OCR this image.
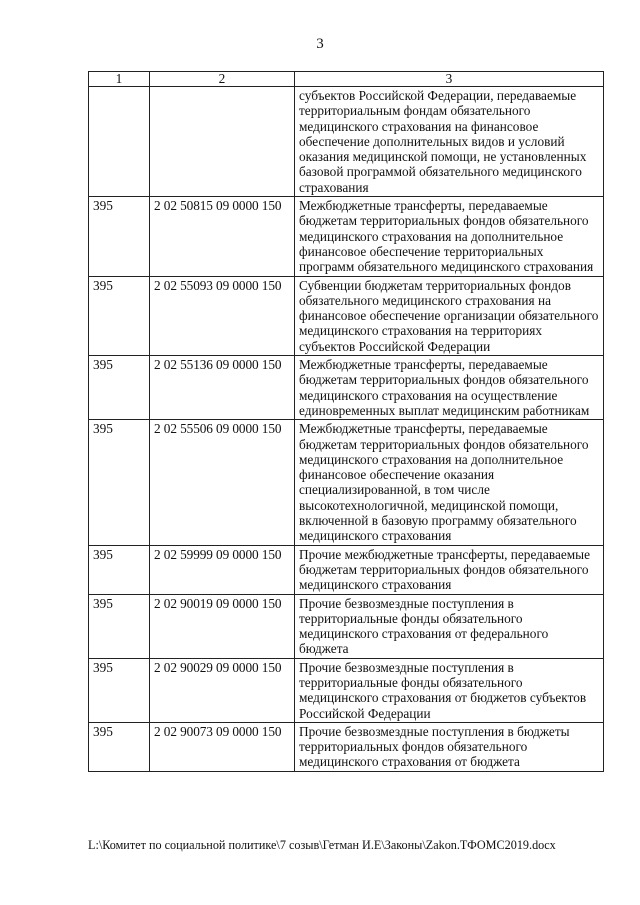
3
1	2	3
		субъектов Российской Федерации, передаваемые территориальным фондам обязательного медицинского страхования на финансовое обеспечение дополнительных видов и условий оказания медицинской помощи, не установленных базовой программой обязательного медицинского страхования
395	2 02 50815 09 0000 150	Межбюджетные трансферты, передаваемые бюджетам территориальных фондов обязательного медицинского страхования на дополнительное финансовое обеспечение территориальных программ обязательного медицинского страхования
395	2 02 55093 09 0000 150	Субвенции бюджетам территориальных фондов обязательного медицинского страхования на финансовое обеспечение организации обязательного медицинского страхования на территориях субъектов Российской Федерации
395	2 02 55136 09 0000 150	Межбюджетные трансферты, передаваемые бюджетам территориальных фондов обязательного медицинского страхования на осуществление единовременных выплат медицинским работникам
395	2 02 55506 09 0000 150	Межбюджетные трансферты, передаваемые бюджетам территориальных фондов обязательного медицинского страхования на дополнительное финансовое обеспечение оказания специализированной, в том числе высокотехнологичной, медицинской помощи, включенной в базовую программу обязательного медицинского страхования
395	2 02 59999 09 0000 150	Прочие межбюджетные трансферты, передаваемые бюджетам территориальных фондов обязательного медицинского страхования
395	2 02 90019 09 0000 150	Прочие безвозмездные поступления в территориальные фонды обязательного медицинского страхования от федерального бюджета
395	2 02 90029 09 0000 150	Прочие безвозмездные поступления в территориальные фонды обязательного медицинского страхования от бюджетов субъектов Российской Федерации
395	2 02 90073 09 0000 150	Прочие безвозмездные поступления в бюджеты территориальных фондов обязательного медицинского страхования от бюджета
L:\Комитет по социальной политике\7 созыв\Гетман И.Е\Законы\Zakon.ТФОМС2019.docx
